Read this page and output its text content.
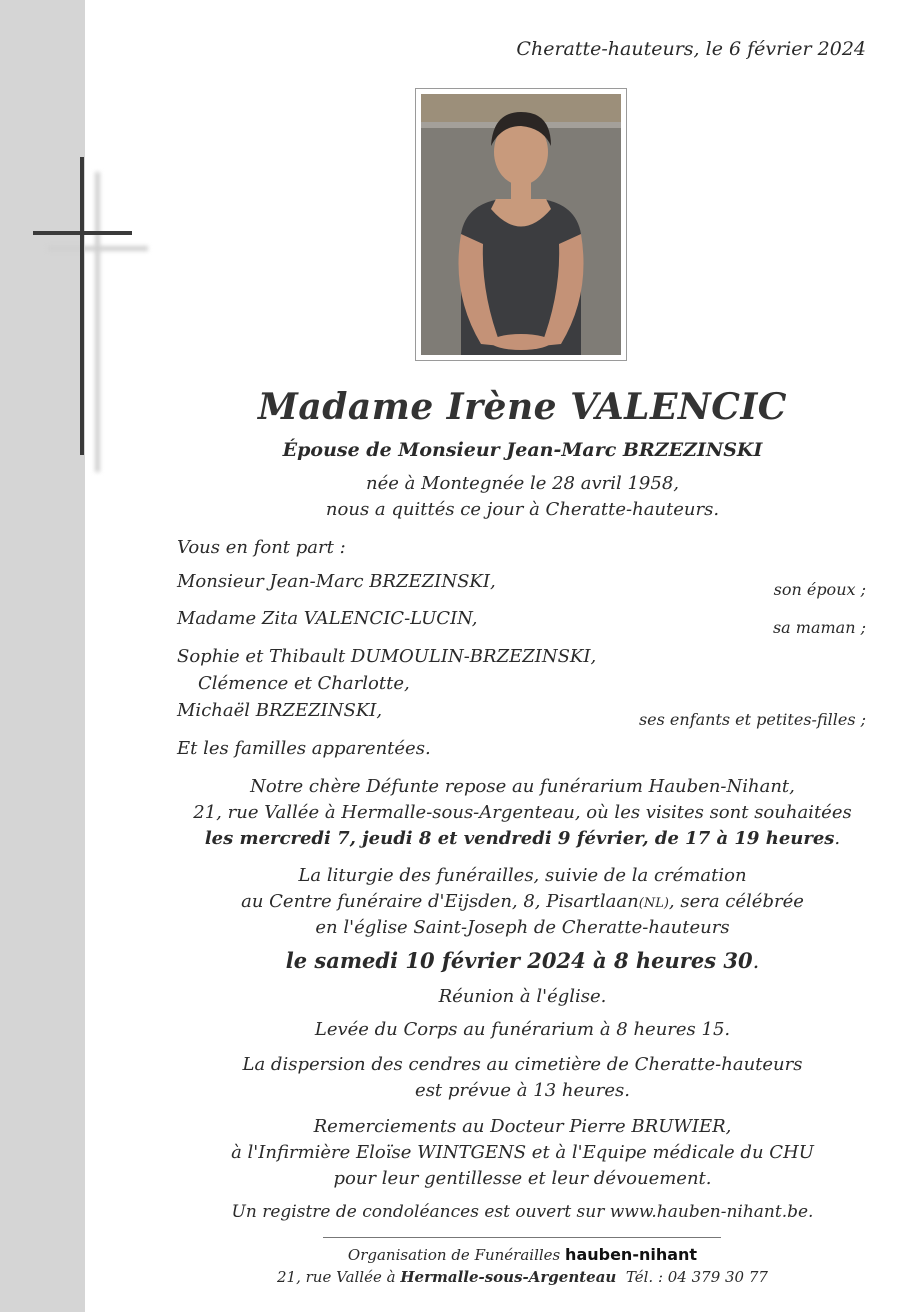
Cheratte-hauteurs, le 6 février 2024
Madame Irène VALENCIC
Épouse de Monsieur Jean-Marc BRZEZINSKI
née à Montegnée le 28 avril 1958,
nous a quittés ce jour à Cheratte-hauteurs.
Vous en font part :
Monsieur Jean-Marc BRZEZINSKI,	son époux ;
Madame Zita VALENCIC-LUCIN,	sa maman ;
Sophie et Thibault DUMOULIN-BRZEZINSKI,
Clémence et Charlotte,
Michaël BRZEZINSKI,	ses enfants et petites-filles ;
Et les familles apparentées.
Notre chère Défunte repose au funérarium Hauben-Nihant,
21, rue Vallée à Hermalle-sous-Argenteau, où les visites sont souhaitées
les mercredi 7, jeudi 8 et vendredi 9 février, de 17 à 19 heures.
La liturgie des funérailles, suivie de la crémation
au Centre funéraire d'Eijsden, 8, Pisartlaan(NL), sera célébrée
en l'église Saint-Joseph de Cheratte-hauteurs
le samedi 10 février 2024 à 8 heures 30.
Réunion à l'église.
Levée du Corps au funérarium à 8 heures 15.
La dispersion des cendres au cimetière de Cheratte-hauteurs
est prévue à 13 heures.
Remerciements au Docteur Pierre BRUWIER,
à l'Infirmière Eloïse WINTGENS et à l'Equipe médicale du CHU
pour leur gentillesse et leur dévouement.
Un registre de condoléances est ouvert sur www.hauben-nihant.be.
Organisation de Funérailles hauben-nihant
21, rue Vallée à Hermalle-sous-Argenteau Tél. : 04 379 30 77
